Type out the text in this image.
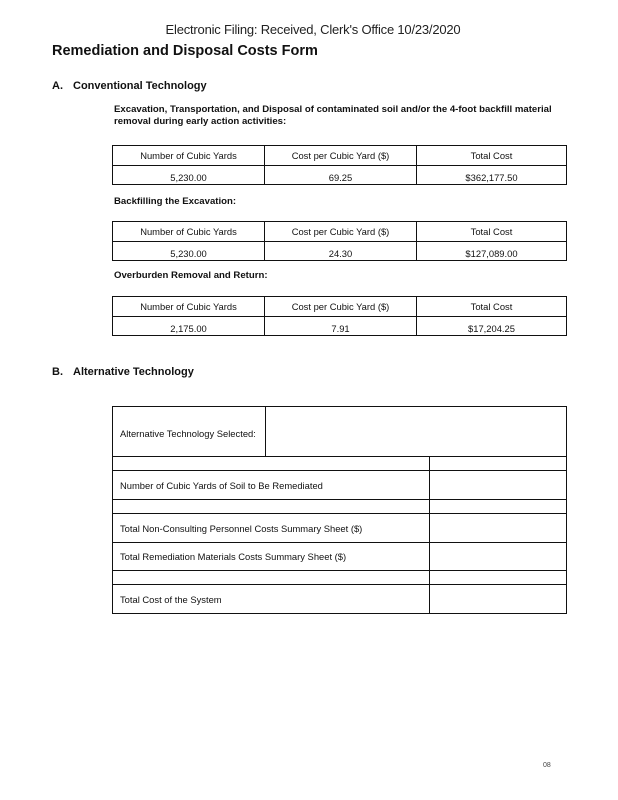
Electronic Filing: Received, Clerk's Office 10/23/2020
Remediation and Disposal Costs Form
A. Conventional Technology
Excavation, Transportation, and Disposal of contaminated soil and/or the 4-foot backfill material removal during early action activities:
Number of Cubic Yards	Cost per Cubic Yard ($)	Total Cost
5,230.00	69.25	$362,177.50
Backfilling the Excavation:
Number of Cubic Yards	Cost per Cubic Yard ($)	Total Cost
5,230.00	24.30	$127,089.00
Overburden Removal and Return:
Number of Cubic Yards	Cost per Cubic Yard ($)	Total Cost
2,175.00	7.91	$17,204.25
B. Alternative Technology
Alternative Technology Selected:		

Number of Cubic Yards of Soil to Be Remediated		

Total Non-Consulting Personnel Costs Summary Sheet ($)		
Total Remediation Materials Costs Summary Sheet ($)		

Total Cost of the System		
08
